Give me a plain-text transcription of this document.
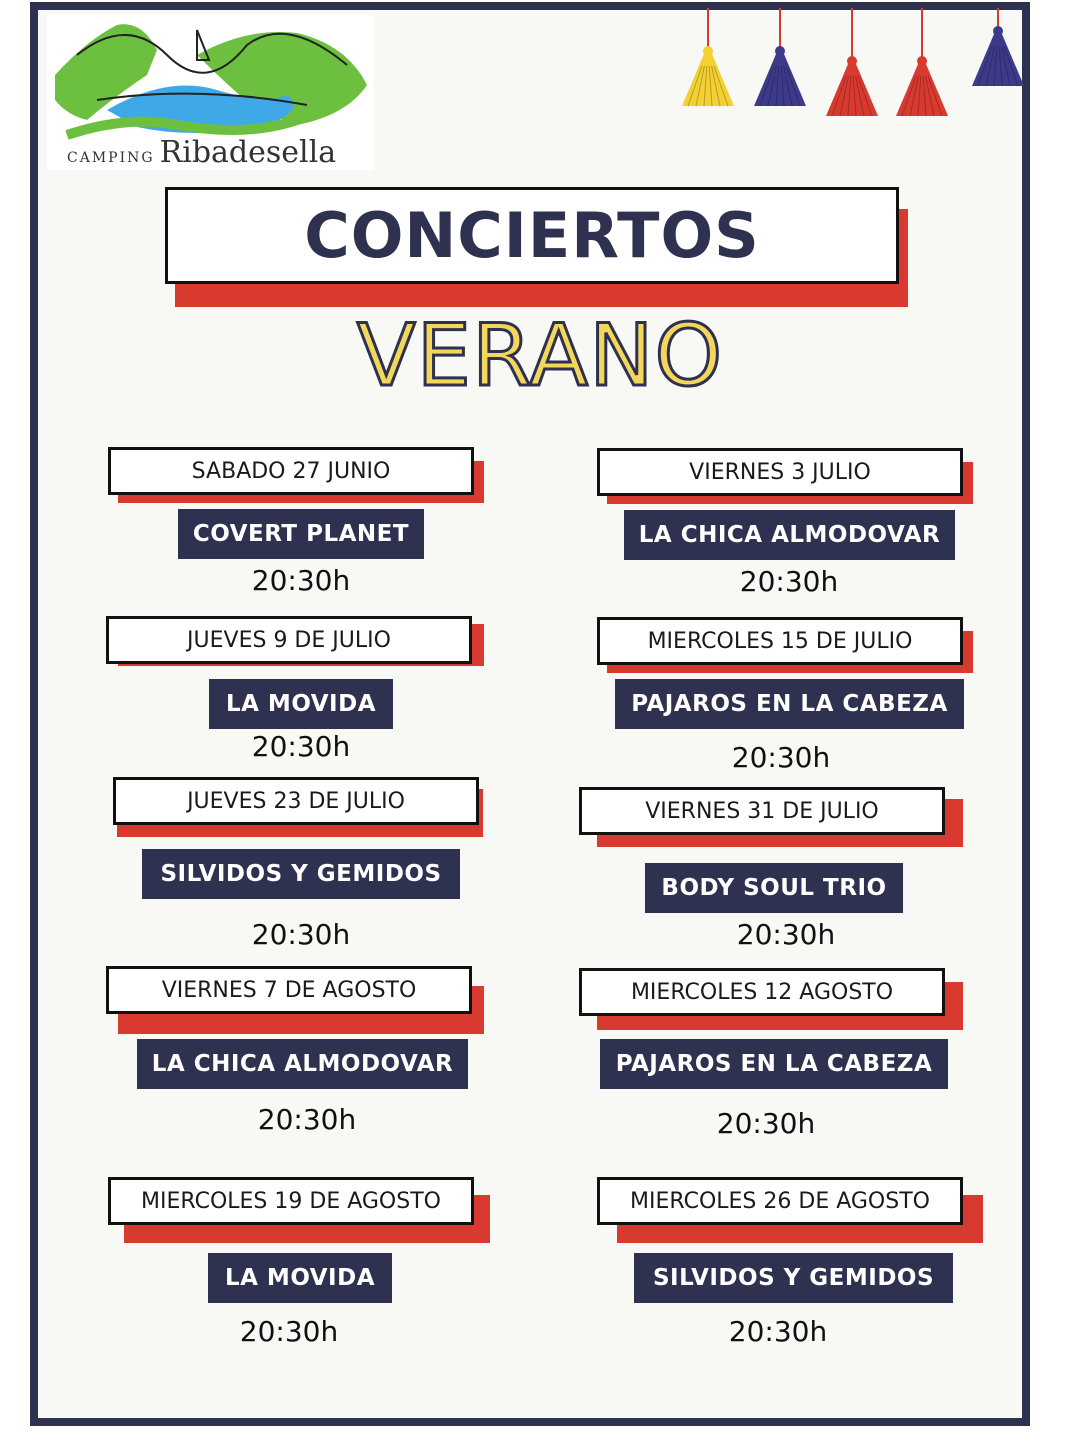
CAMPING Ribadesella
CONCIERTOS
VERANO
SABADO 27 JUNIO
COVERT PLANET
20:30h
VIERNES 3 JULIO
LA CHICA ALMODOVAR
20:30h
JUEVES 9 DE JULIO
LA MOVIDA
20:30h
MIERCOLES 15 DE JULIO
PAJAROS EN LA CABEZA
20:30h
JUEVES 23 DE JULIO
SILVIDOS Y GEMIDOS
20:30h
VIERNES 31 DE JULIO
BODY SOUL TRIO
20:30h
VIERNES 7 DE AGOSTO
LA CHICA ALMODOVAR
20:30h
MIERCOLES 12 AGOSTO
PAJAROS EN LA CABEZA
20:30h
MIERCOLES 19 DE AGOSTO
LA MOVIDA
20:30h
MIERCOLES 26 DE AGOSTO
SILVIDOS Y GEMIDOS
20:30h
